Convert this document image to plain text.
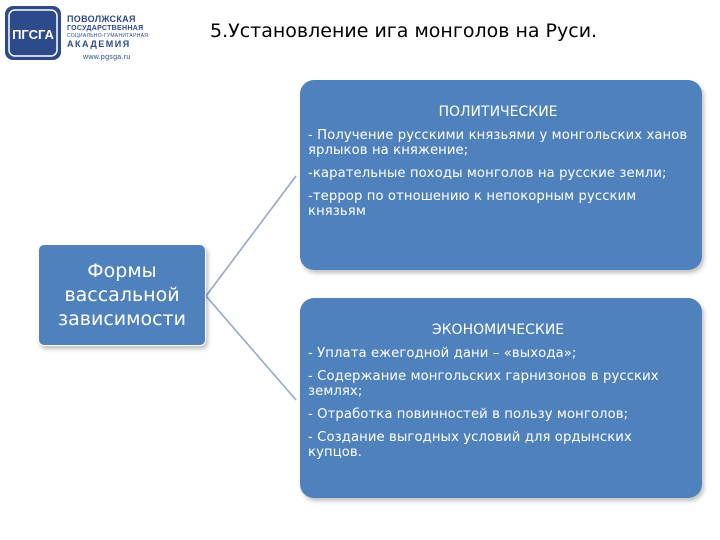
ПГСГА
ПОВОЛЖСКАЯ
ГОСУДАРСТВЕННАЯ
СОЦИАЛЬНО-ГУМАНИТАРНАЯ
АКАДЕМИЯ
www.pgsga.ru
5.Установление ига монголов на Руси.
Формы вассальной зависимости
ПОЛИТИЧЕСКИЕ
- Получение русскими князьями у монгольских ханов ярлыков на княжение;
-карательные походы монголов на русские земли;
-террор по отношению к непокорным русским князьям
ЭКОНОМИЧЕСКИЕ
- Уплата ежегодной дани – «выхода»;
- Содержание монгольских гарнизонов в русских землях;
- Отработка повинностей в пользу монголов;
- Создание выгодных условий для ордынских купцов.
